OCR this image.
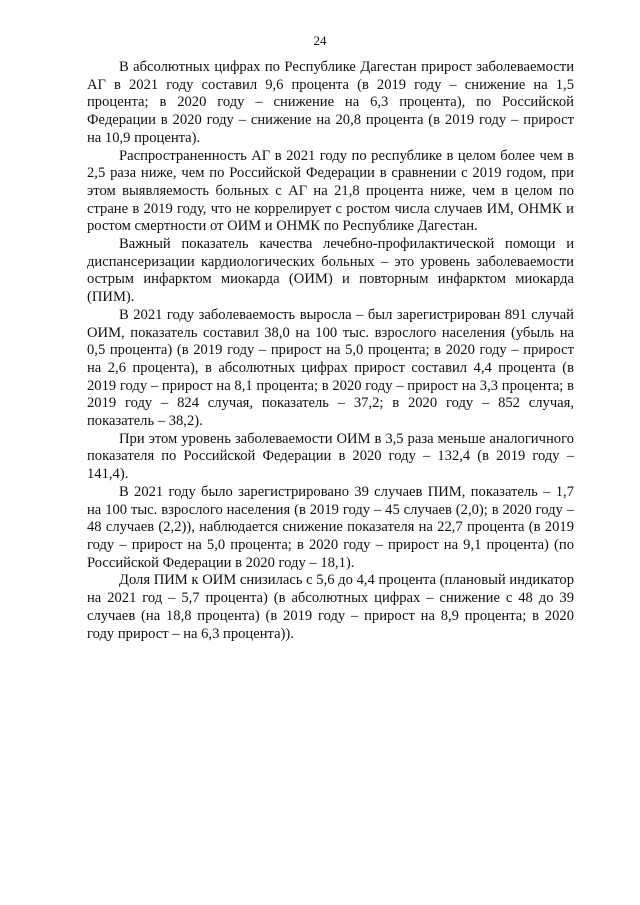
24

В абсолютных цифрах по Республике Дагестан прирост заболеваемости АГ в 2021 году составил 9,6 процента (в 2019 году – снижение на 1,5 процента; в 2020 году – снижение на 6,3 процента), по Российской Федерации в 2020 году – снижение на 20,8 процента (в 2019 году – прирост на 10,9 процента).

Распространенность АГ в 2021 году по республике в целом более чем в 2,5 раза ниже, чем по Российской Федерации в сравнении с 2019 годом, при этом выявляемость больных с АГ на 21,8 процента ниже, чем в целом по стране в 2019 году, что не коррелирует с ростом числа случаев ИМ, ОНМК и ростом смертности от ОИМ и ОНМК по Республике Дагестан.

Важный показатель качества лечебно-профилактической помощи и диспансеризации кардиологических больных – это уровень заболеваемости острым инфарктом миокарда (ОИМ) и повторным инфарктом миокарда (ПИМ).

В 2021 году заболеваемость выросла – был зарегистрирован 891 случай ОИМ, показатель составил 38,0 на 100 тыс. взрослого населения (убыль на 0,5 процента) (в 2019 году – прирост на 5,0 процента; в 2020 году – прирост на 2,6 процента), в абсолютных цифрах прирост составил 4,4 процента (в 2019 году – прирост на 8,1 процента; в 2020 году – прирост на 3,3 процента; в 2019 году – 824 случая, показатель – 37,2; в 2020 году – 852 случая, показатель – 38,2).

При этом уровень заболеваемости ОИМ в 3,5 раза меньше аналогичного показателя по Российской Федерации в 2020 году – 132,4 (в 2019 году – 141,4).

В 2021 году было зарегистрировано 39 случаев ПИМ, показатель – 1,7 на 100 тыс. взрослого населения (в 2019 году – 45 случаев (2,0); в 2020 году – 48 случаев (2,2)), наблюдается снижение показателя на 22,7 процента (в 2019 году – прирост на 5,0 процента; в 2020 году – прирост на 9,1 процента) (по Российской Федерации в 2020 году – 18,1).

Доля ПИМ к ОИМ снизилась с 5,6 до 4,4 процента (плановый индикатор на 2021 год – 5,7 процента) (в абсолютных цифрах – снижение с 48 до 39 случаев (на 18,8 процента) (в 2019 году – прирост на 8,9 процента; в 2020 году прирост – на 6,3 процента)).
